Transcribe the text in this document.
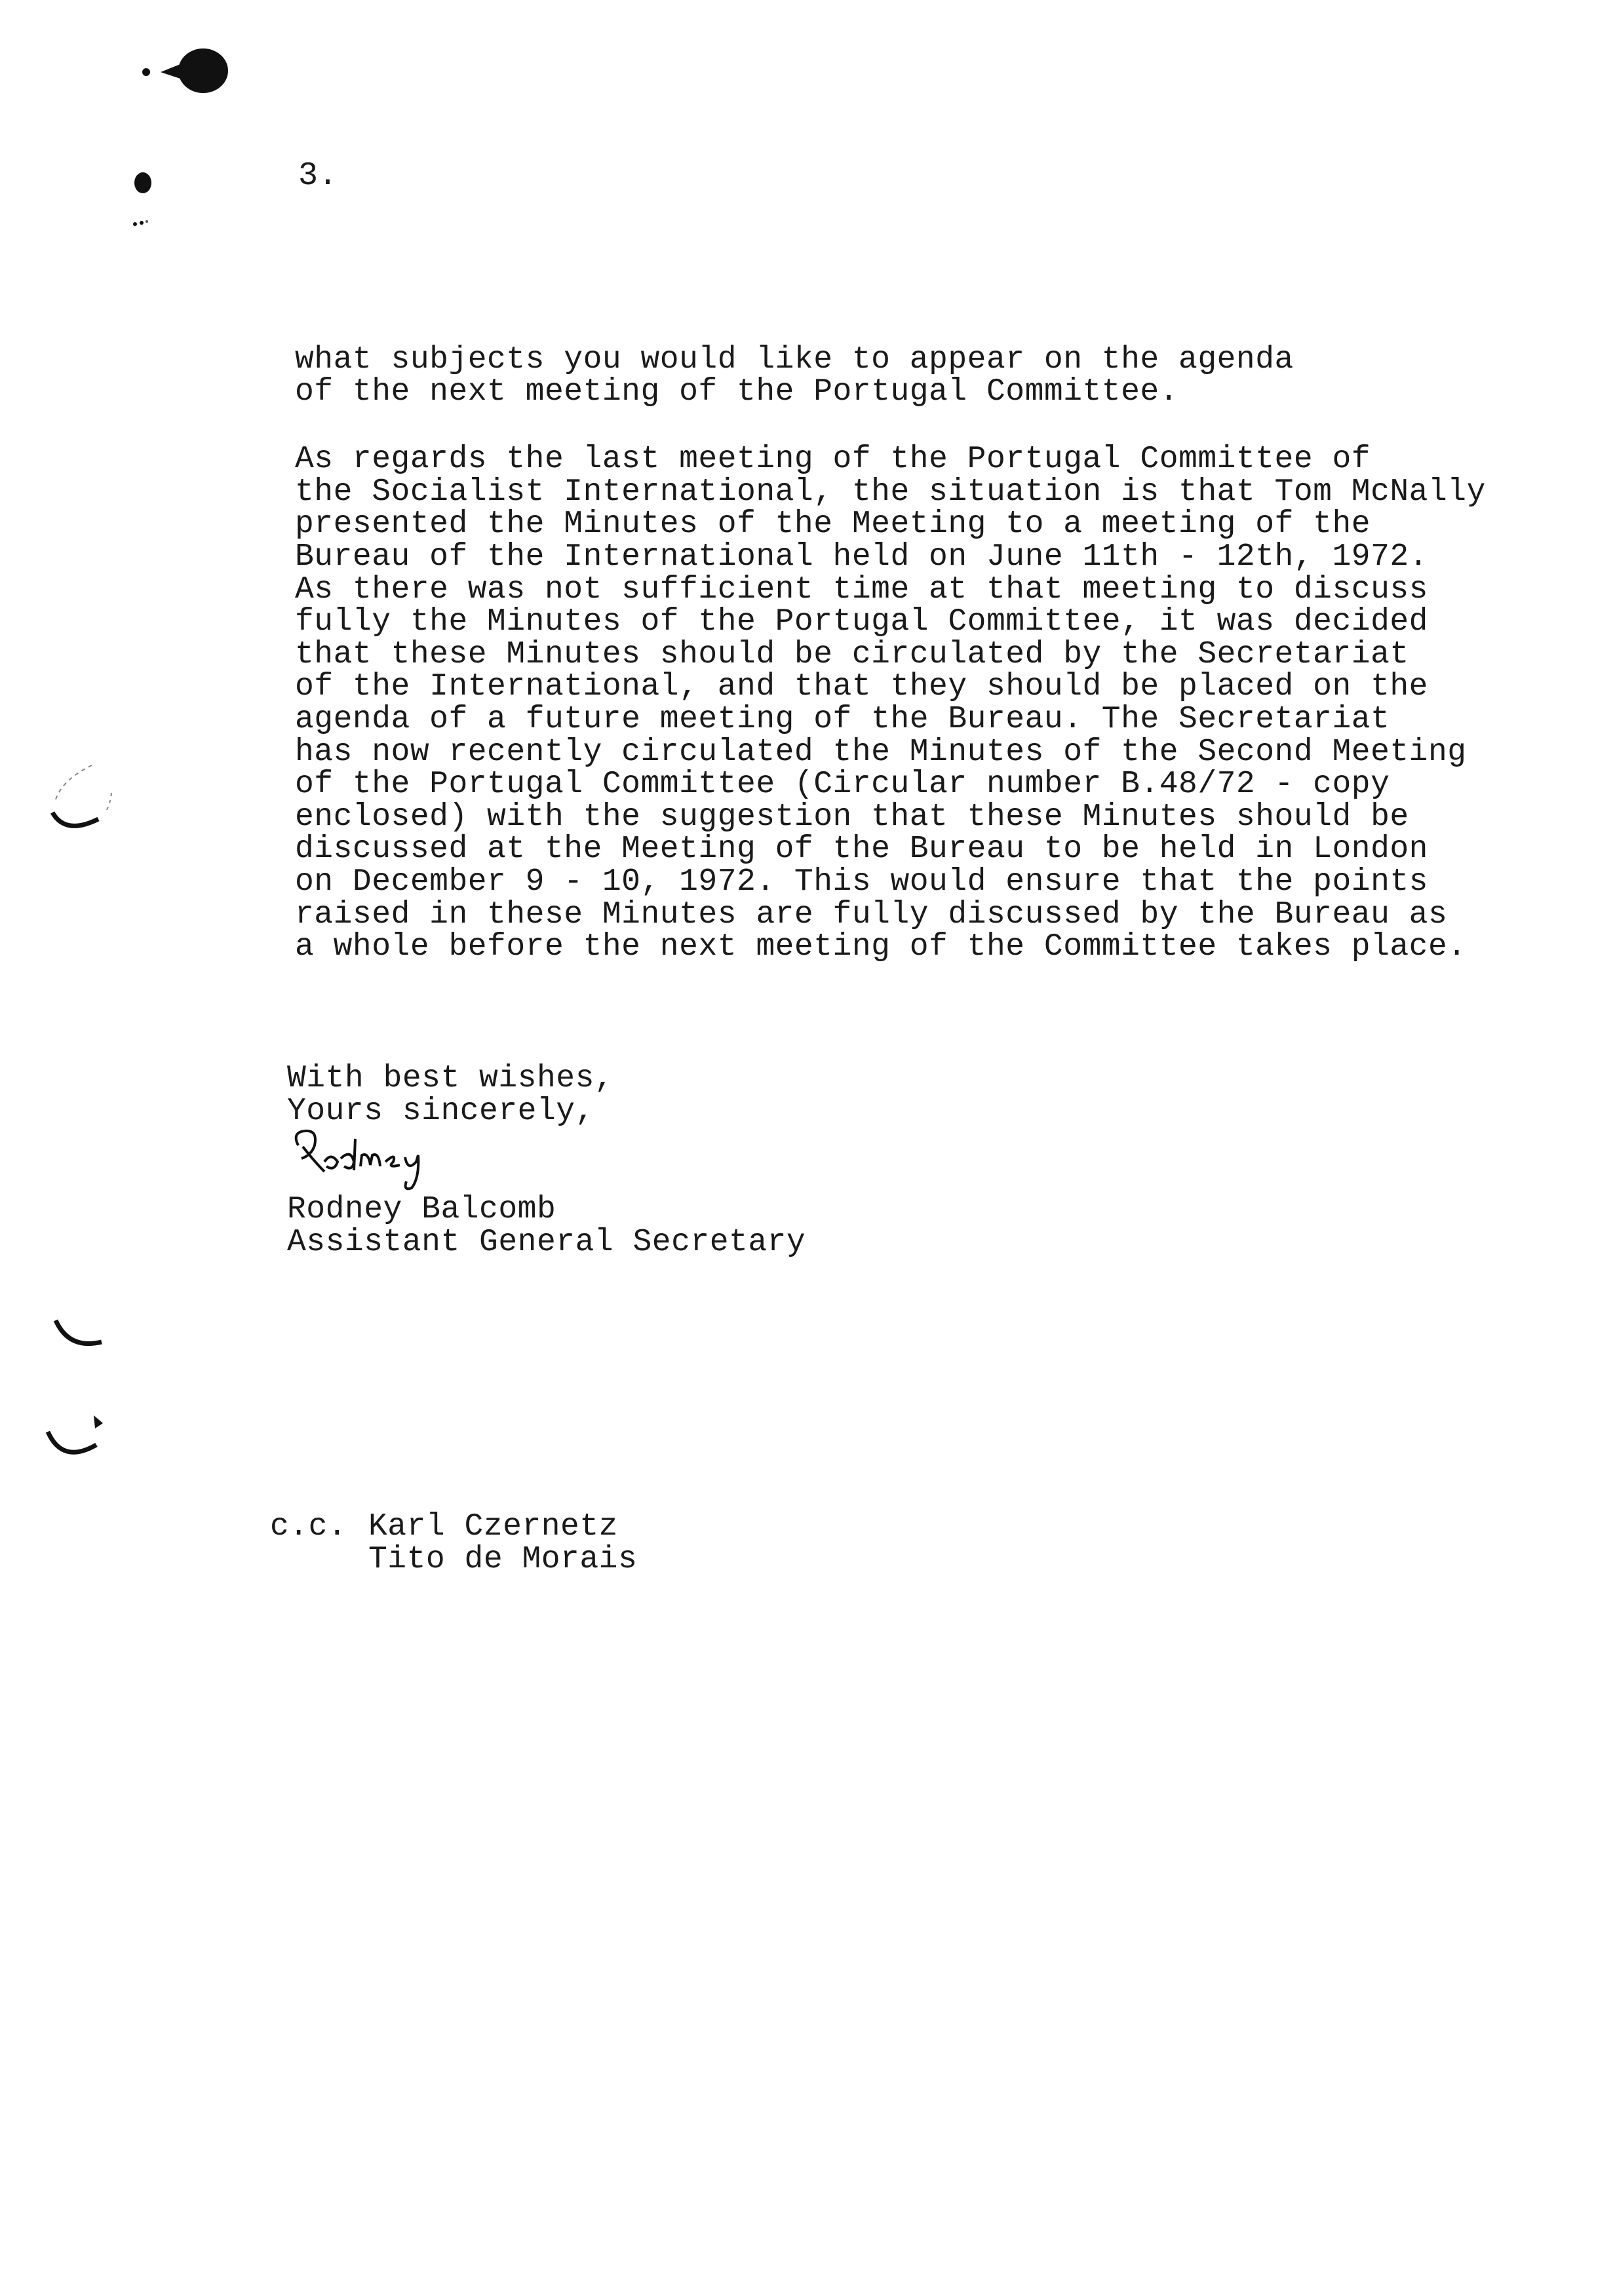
3.
what subjects you would like to appear on the agenda
of the next meeting of the Portugal Committee.
As regards the last meeting of the Portugal Committee of
the Socialist International, the situation is that Tom McNally
presented the Minutes of the Meeting to a meeting of the
Bureau of the International held on June 11th - 12th, 1972.
As there was not sufficient time at that meeting to discuss
fully the Minutes of the Portugal Committee, it was decided
that these Minutes should be circulated by the Secretariat
of the International, and that they should be placed on the
agenda of a future meeting of the Bureau. The Secretariat
has now recently circulated the Minutes of the Second Meeting
of the Portugal Committee (Circular number B.48/72 - copy
enclosed) with the suggestion that these Minutes should be
discussed at the Meeting of the Bureau to be held in London
on December 9 - 10, 1972. This would ensure that the points
raised in these Minutes are fully discussed by the Bureau as
a whole before the next meeting of the Committee takes place.
With best wishes,
Yours sincerely,
Rodney Balcomb
Assistant General Secretary
c.c. Karl Czernetz
Tito de Morais
